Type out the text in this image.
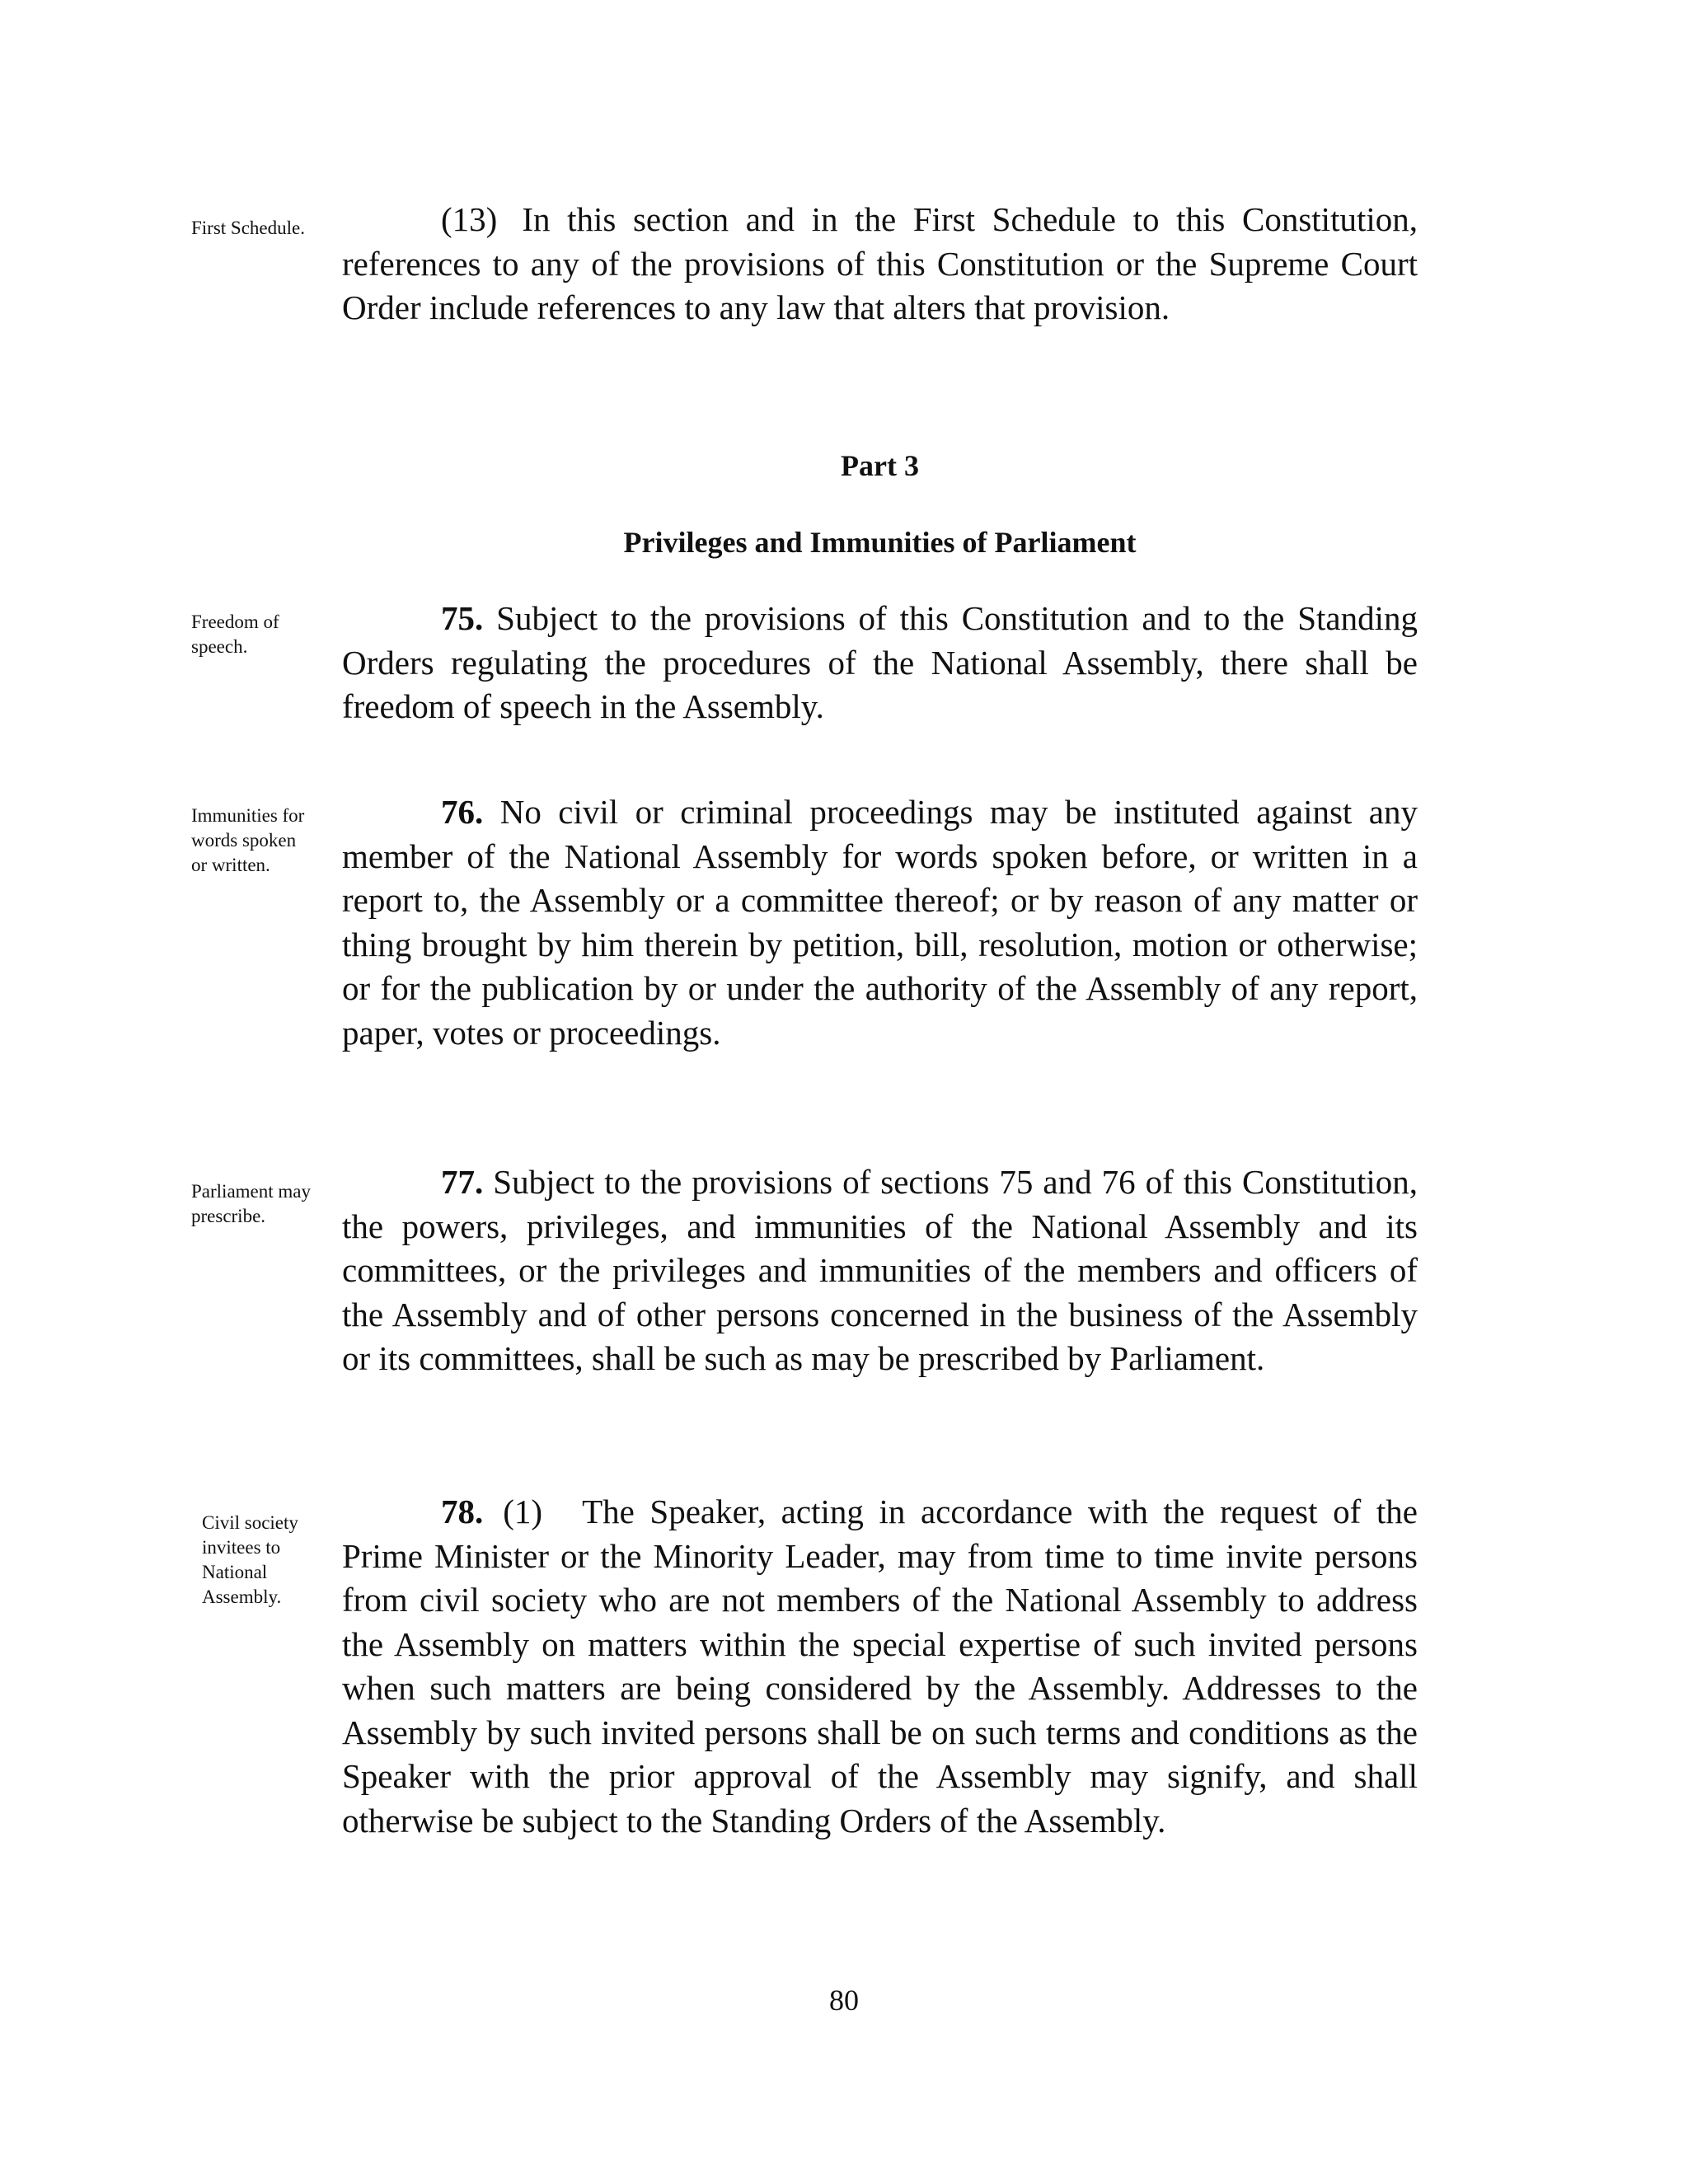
First Schedule.	(13) In this section and in the First Schedule to this Constitution, references to any of the provisions of this Constitution or the Supreme Court Order include references to any law that alters that provision.

Part 3
Privileges and Immunities of Parliament
Freedom of speech.

75. Subject to the provisions of this Constitution and to the Standing Orders regulating the procedures of the National Assembly, there shall be freedom of speech in the Assembly.

Immunities for words spoken or written.

76. No civil or criminal proceedings may be instituted against any member of the National Assembly for words spoken before, or written in a report to, the Assembly or a committee thereof; or by reason of any matter or thing brought by him therein by petition, bill, resolution, motion or otherwise; or for the publication by or under the authority of the Assembly of any report, paper, votes or proceedings.

Parliament may prescribe.

77. Subject to the provisions of sections 75 and 76 of this Constitution, the powers, privileges, and immunities of the National Assembly and its committees, or the privileges and immunities of the members and officers of the Assembly and of other persons concerned in the business of the Assembly or its committees, shall be such as may be prescribed by Parliament.

Civil society invitees to National Assembly.

78. (1) The Speaker, acting in accordance with the request of the Prime Minister or the Minority Leader, may from time to time invite persons from civil society who are not members of the National Assembly to address the Assembly on matters within the special expertise of such invited persons when such matters are being considered by the Assembly. Addresses to the Assembly by such invited persons shall be on such terms and conditions as the Speaker with the prior approval of the Assembly may signify, and shall otherwise be subject to the Standing Orders of the Assembly.

80
